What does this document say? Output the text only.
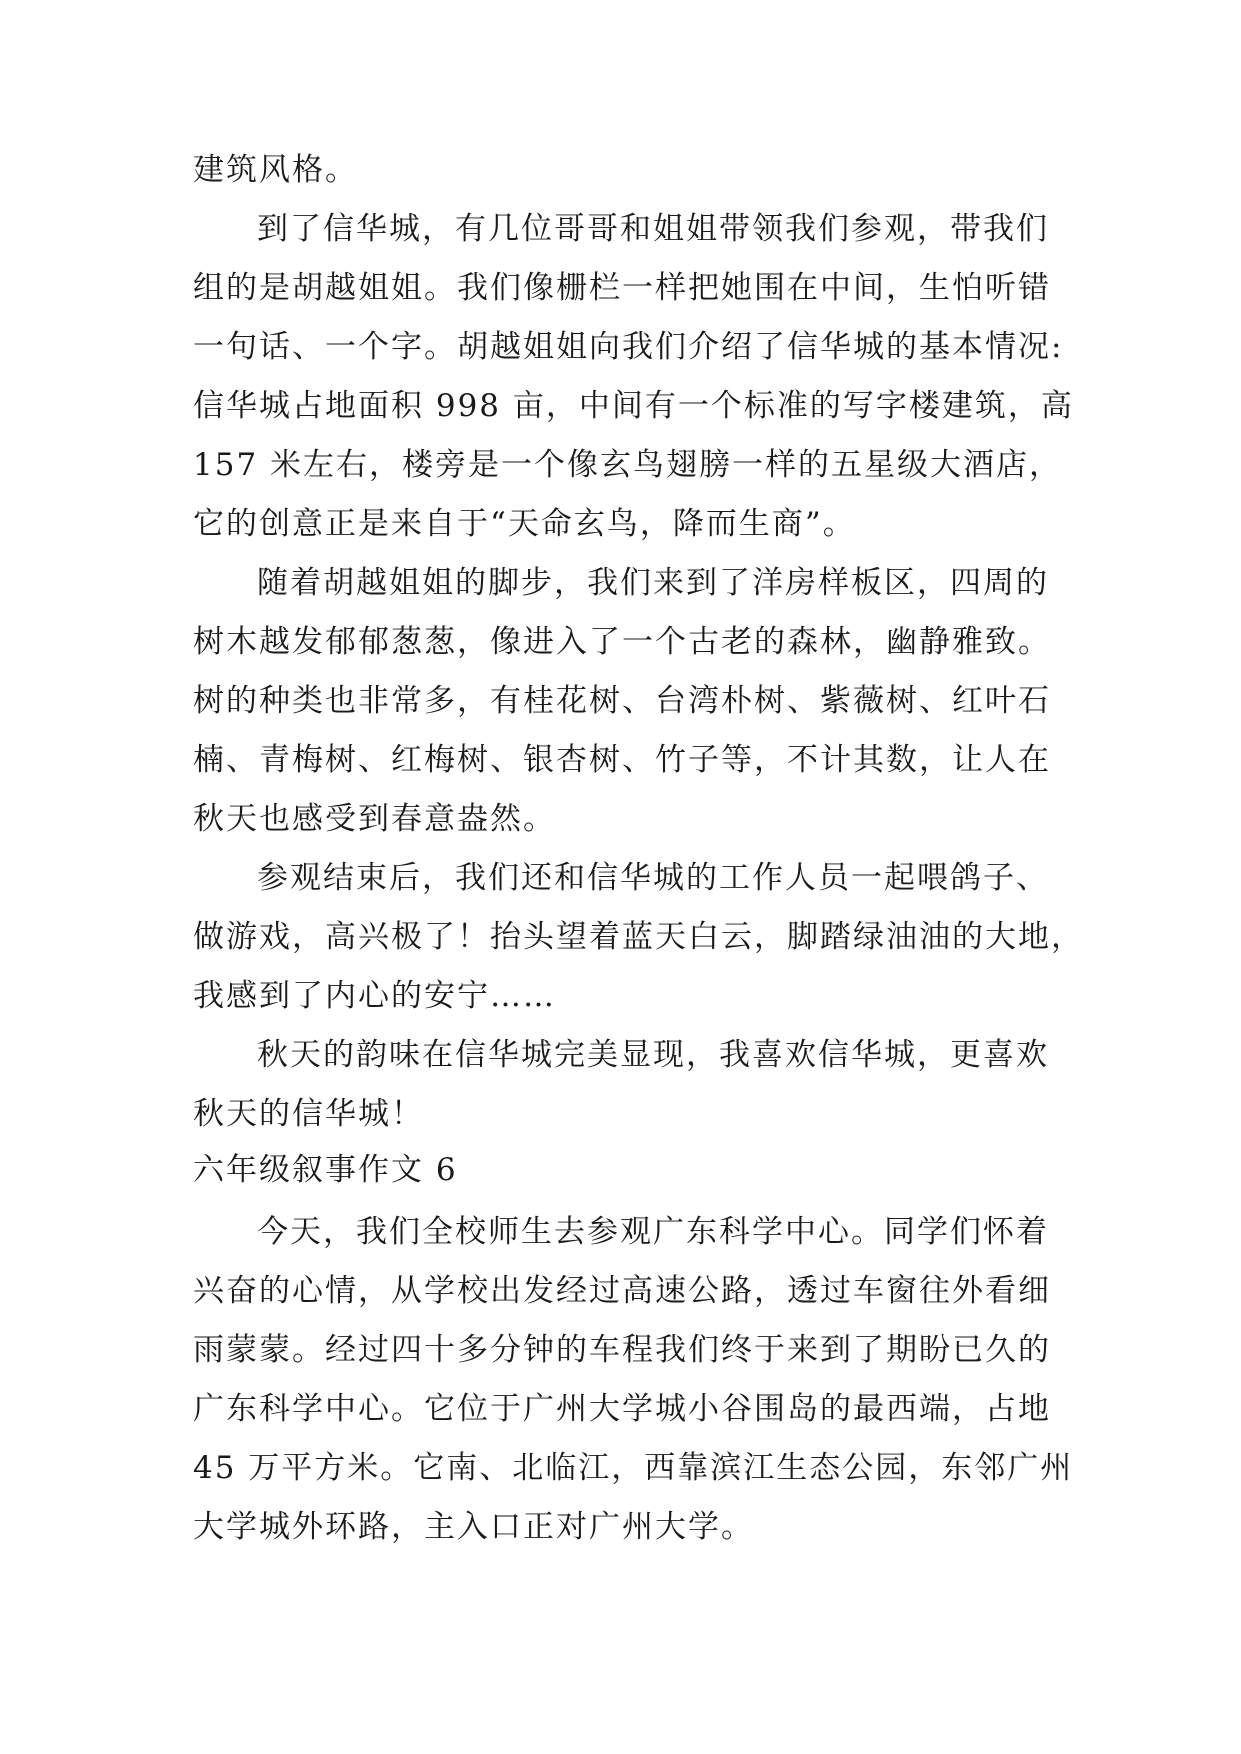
建筑风格。

到了信华城，有几位哥哥和姐姐带领我们参观，带我们

组的是胡越姐姐。我们像栅栏一样把她围在中间，生怕听错

一句话、一个字。胡越姐姐向我们介绍了信华城的基本情况:

信华城占地面积 998 亩，中间有一个标准的写字楼建筑，高

157 米左右，楼旁是一个像玄鸟翅膀一样的五星级大酒店，

它的创意正是来自于“天命玄鸟，降而生商”。

随着胡越姐姐的脚步，我们来到了洋房样板区，四周的

树木越发郁郁葱葱，像进入了一个古老的森林，幽静雅致。

树的种类也非常多，有桂花树、台湾朴树、紫薇树、红叶石

楠、青梅树、红梅树、银杏树、竹子等，不计其数，让人在

秋天也感受到春意盎然。

参观结束后，我们还和信华城的工作人员一起喂鸽子、

做游戏，高兴极了！抬头望着蓝天白云，脚踏绿油油的大地，

我感到了内心的安宁……

秋天的韵味在信华城完美显现，我喜欢信华城，更喜欢

秋天的信华城！

六年级叙事作文 6

今天，我们全校师生去参观广东科学中心。同学们怀着

兴奋的心情，从学校出发经过高速公路，透过车窗往外看细

雨蒙蒙。经过四十多分钟的车程我们终于来到了期盼已久的

广东科学中心。它位于广州大学城小谷围岛的最西端，占地

45 万平方米。它南、北临江，西靠滨江生态公园，东邻广州

大学城外环路，主入口正对广州大学。
